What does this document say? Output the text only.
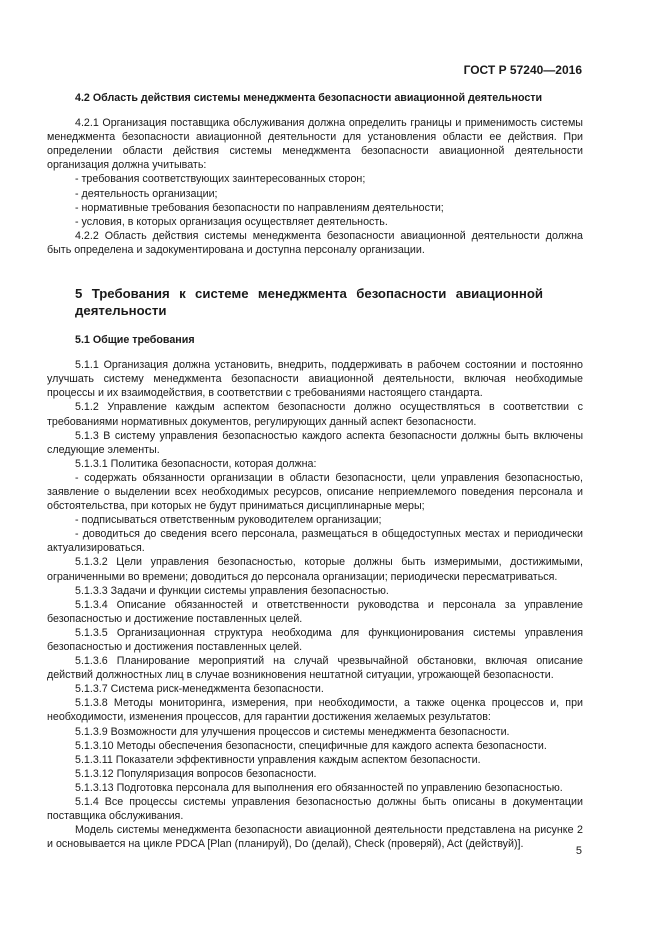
ГОСТ Р 57240—2016

4.2 Область действия системы менеджмента безопасности авиационной деятельности

4.2.1 Организация поставщика обслуживания должна определить границы и применимость системы менеджмента безопасности авиационной деятельности для установления области ее действия. При определении области действия системы менеджмента безопасности авиационной деятельности организация должна учитывать:

- требования соответствующих заинтересованных сторон;

- деятельность организации;

- нормативные требования безопасности по направлениям деятельности;

- условия, в которых организация осуществляет деятельность.

4.2.2 Область действия системы менеджмента безопасности авиационной деятельности должна быть определена и задокументирована и доступна персоналу организации.

5 Требования к системе менеджмента безопасности авиационной деятельности

5.1 Общие требования

5.1.1 Организация должна установить, внедрить, поддерживать в рабочем состоянии и постоянно улучшать систему менеджмента безопасности авиационной деятельности, включая необходимые процессы и их взаимодействия, в соответствии с требованиями настоящего стандарта.

5.1.2 Управление каждым аспектом безопасности должно осуществляться в соответствии с требованиями нормативных документов, регулирующих данный аспект безопасности.

5.1.3 В систему управления безопасностью каждого аспекта безопасности должны быть включены следующие элементы.

5.1.3.1 Политика безопасности, которая должна:

- содержать обязанности организации в области безопасности, цели управления безопасностью, заявление о выделении всех необходимых ресурсов, описание неприемлемого поведения персонала и обстоятельства, при которых не будут приниматься дисциплинарные меры;

- подписываться ответственным руководителем организации;

- доводиться до сведения всего персонала, размещаться в общедоступных местах и периодически актуализироваться.

5.1.3.2 Цели управления безопасностью, которые должны быть измеримыми, достижимыми, ограниченными во времени; доводиться до персонала организации; периодически пересматриваться.

5.1.3.3 Задачи и функции системы управления безопасностью.

5.1.3.4 Описание обязанностей и ответственности руководства и персонала за управление безопасностью и достижение поставленных целей.

5.1.3.5 Организационная структура необходима для функционирования системы управления безопасностью и достижения поставленных целей.

5.1.3.6 Планирование мероприятий на случай чрезвычайной обстановки, включая описание действий должностных лиц в случае возникновения нештатной ситуации, угрожающей безопасности.

5.1.3.7 Система риск-менеджмента безопасности.

5.1.3.8 Методы мониторинга, измерения, при необходимости, а также оценка процессов и, при необходимости, изменения процессов, для гарантии достижения желаемых результатов:

5.1.3.9 Возможности для улучшения процессов и системы менеджмента безопасности.

5.1.3.10 Методы обеспечения безопасности, специфичные для каждого аспекта безопасности.

5.1.3.11 Показатели эффективности управления каждым аспектом безопасности.

5.1.3.12 Популяризация вопросов безопасности.

5.1.3.13 Подготовка персонала для выполнения его обязанностей по управлению безопасностью.

5.1.4 Все процессы системы управления безопасностью должны быть описаны в документации поставщика обслуживания.

Модель системы менеджмента безопасности авиационной деятельности представлена на рисунке 2 и основывается на цикле PDCA [Plan (планируй), Do (делай), Check (проверяй), Act (действуй)].

5
